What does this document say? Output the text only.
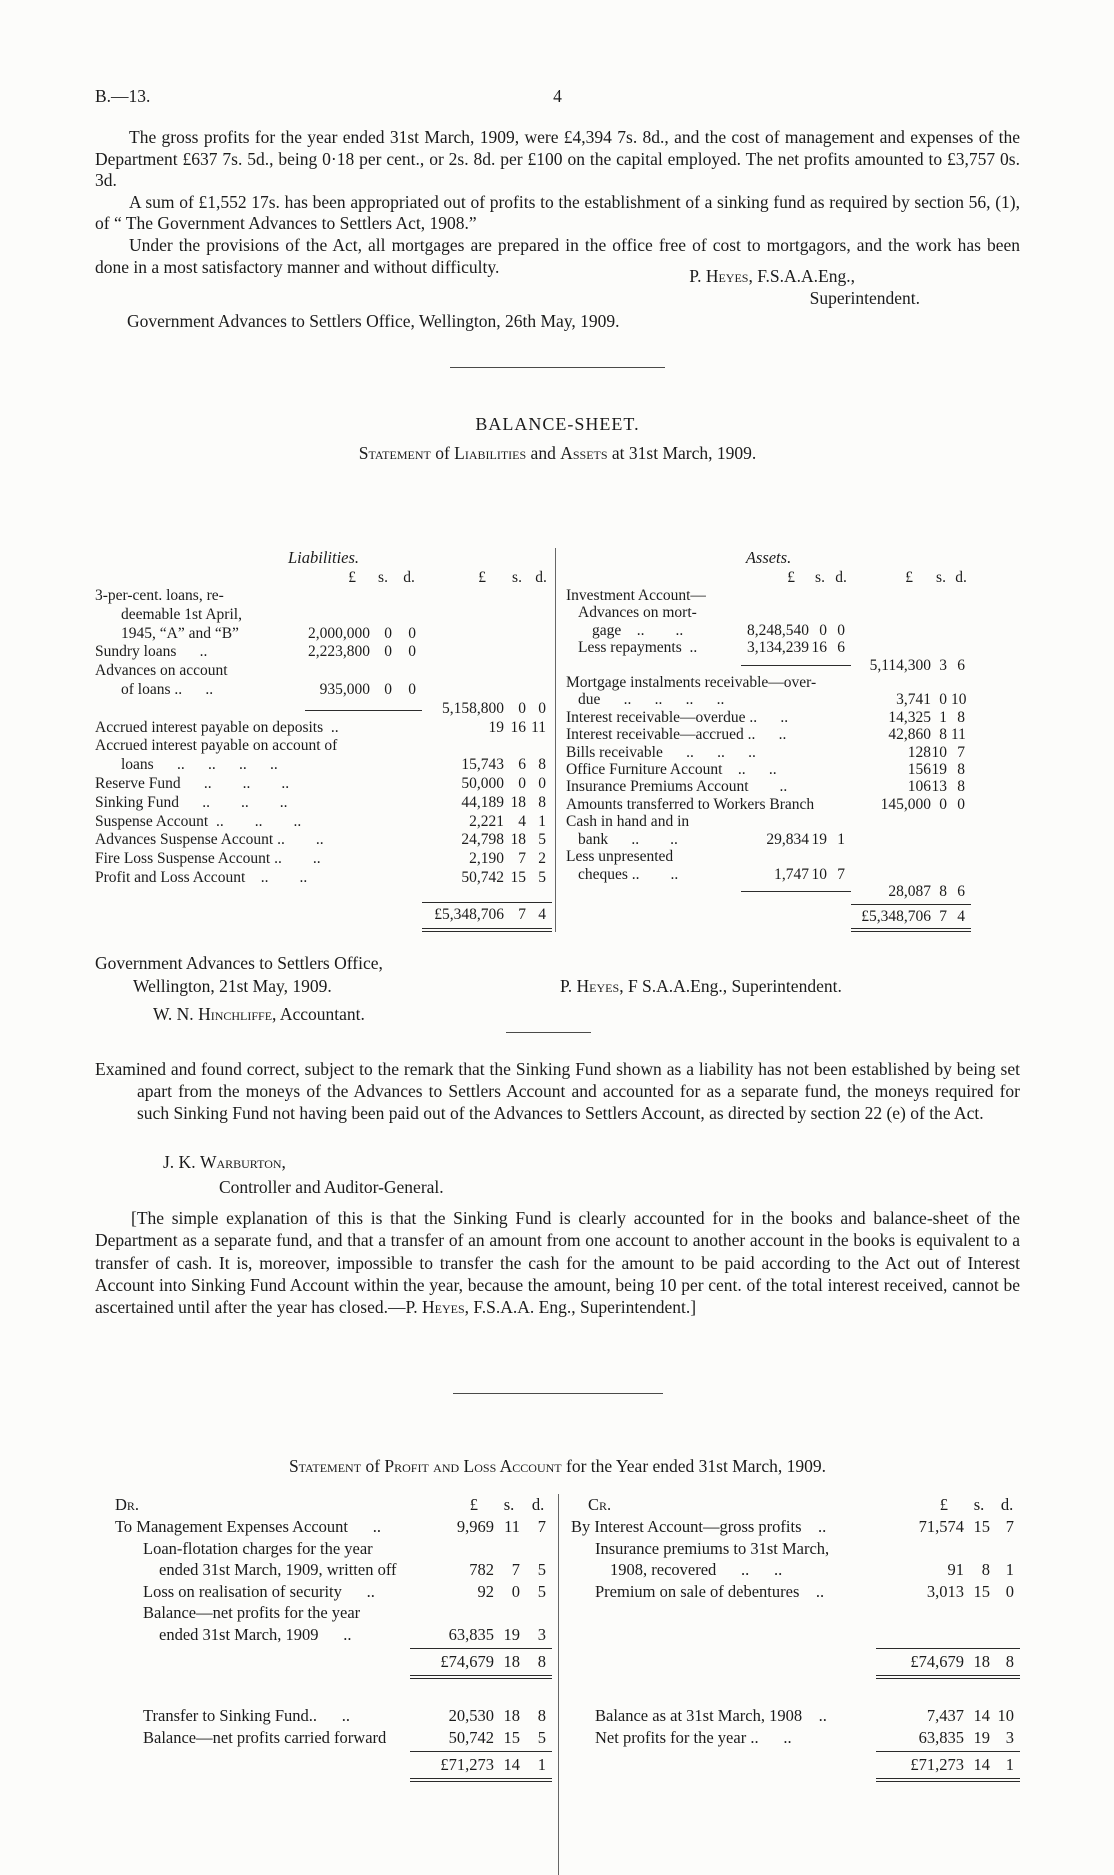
B.—13.	4

The gross profits for the year ended 31st March, 1909, were £4,394 7s. 8d., and the cost of management and expenses of the Department £637 7s. 5d., being 0·18 per cent., or 2s. 8d. per £100 on the capital employed. The net profits amounted to £3,757 0s. 3d.

A sum of £1,552 17s. has been appropriated out of profits to the establishment of a sinking fund as required by section 56, (1), of “ The Government Advances to Settlers Act, 1908.”

Under the provisions of the Act, all mortgages are prepared in the office free of cost to mortgagors, and the work has been done in a most satisfactory manner and without difficulty.	P. Heyes, F.S.A.A.Eng.,
Superintendent.
Government Advances to Settlers Office, Wellington, 26th May, 1909.
BALANCE-SHEET.
Statement of Liabilities and Assets at 31st March, 1909.
Liabilities.
£	s. d.	£	s. d.
3-per-cent. loans, re-
deemable 1st April,
1945, “A” and “B”	2,000,000 0	0
Sundry loans  ..	2,223,800 0	0
Advances on account
of loans ..  ..	935,000 0	0
5,158,800 0 0
Accrued interest payable on deposits ..	19 16 11
Accrued interest payable on account of
loans  ..  ..  ..  ..	15,743 6 8
Reserve Fund  ..  ..  ..	50,000 0 0
Sinking Fund  ..  ..  ..	44,189 18 8
Suspense Account ..  ..  ..	2,221 4 1
Advances Suspense Account ..  ..	24,798 18 5
Fire Loss Suspense Account ..  ..	2,190 7 2
Profit and Loss Account ..  ..	50,742 15 5
£5,348,706 7 4
Assets.
£	s. d.	£	s. d.
Investment Account—
Advances on mort-
gage ..  ..	8,248,540 0 0
Less repayments ..	3,134,239 16 6
5,114,300 3 6
Mortgage instalments receivable—over-
due  ..  ..  ..  ..	3,741 0 10
Interest receivable—overdue ..  ..	14,325 1 8
Interest receivable—accrued ..  ..	42,860 8 11
Bills receivable  ..  ..  ..	128 10 7
Office Furniture Account ..  ..	156 19 8
Insurance Premiums Account  ..	106 13 8
Amounts transferred to Workers Branch	145,000 0 0
Cash in hand and in
bank  ..  ..	29,834 19 1
Less unpresented
cheques ..  ..	1,747 10 7
28,087 8 6
£5,348,706 7 4
Government Advances to Settlers Office,
Wellington, 21st May, 1909.	P. Heyes, F S.A.A.Eng., Superintendent.
W. N. Hinchliffe, Accountant.
Examined and found correct, subject to the remark that the Sinking Fund shown as a liability has not been established by being set apart from the moneys of the Advances to Settlers Account and accounted for as a separate fund, the moneys required for such Sinking Fund not having been paid out of the Advances to Settlers Account, as directed by section 22 (e) of the Act.
J. K. Warburton,
Controller and Auditor-General.
[The simple explanation of this is that the Sinking Fund is clearly accounted for in the books and balance-sheet of the Department as a separate fund, and that a transfer of an amount from one account to another account in the books is equivalent to a transfer of cash. It is, moreover, impossible to transfer the cash for the amount to be paid according to the Act out of Interest Account into Sinking Fund Account within the year, because the amount, being 10 per cent. of the total interest received, cannot be ascertained until after the year has closed.—P. Heyes, F.S.A.A. Eng., Superintendent.]
Statement of Profit and Loss Account for the Year ended 31st March, 1909.
Dr.	£	s.	d.
To Management Expenses Account  ..	9,969 11	7
Loan-flotation charges for the year
ended 31st March, 1909, written off	782	7	5
Loss on realisation of security  ..	92	0	5
Balance—net profits for the year
ended 31st March, 1909  ..	63,835 19	3
£74,679 18	8
Transfer to Sinking Fund..  ..	20,530 18	8
Balance—net profits carried forward	50,742 15	5
£71,273 14	1
Cr.	£	s.	d.
By Interest Account—gross profits ..	71,574 15 7
Insurance premiums to 31st March,
1908, recovered  ..  ..	91	8 1
Premium on sale of debentures ..	3,013 15 0
£74,679 18 8
Balance as at 31st March, 1908 ..	7,437 14 10
Net profits for the year ..  ..	63,835 19 3
£71,273 14 1
